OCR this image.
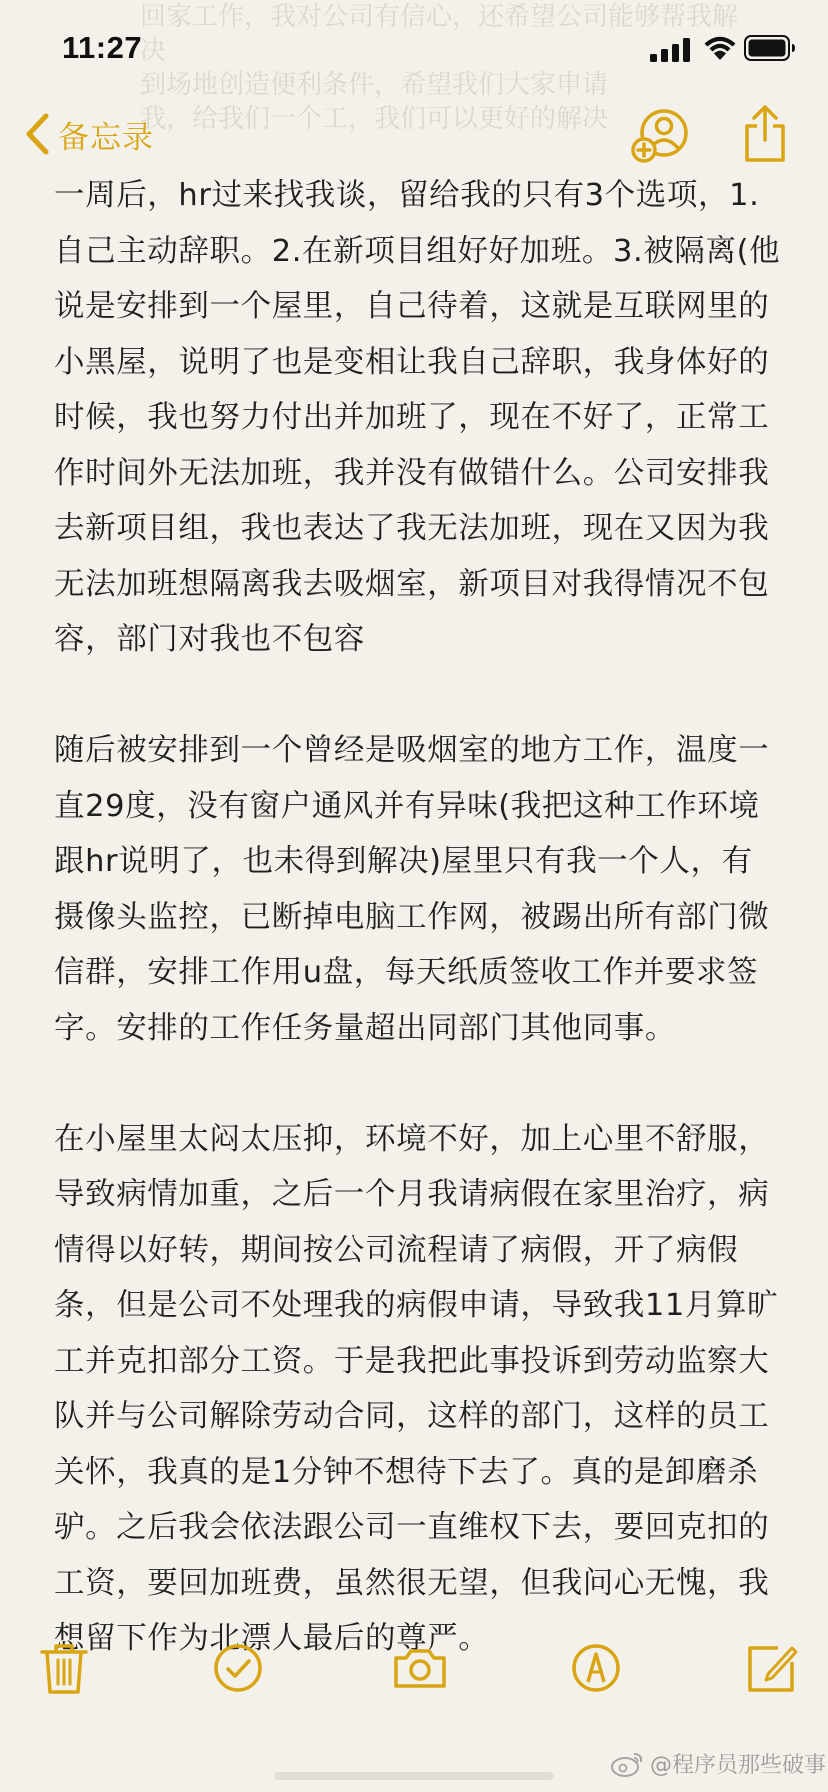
11:27
回家工作，我对公司有信心，还希望公司能够帮我解决
到场地创造便利条件，希望我们大家申请
我，给我们一个工，我们可以更好的解决
备忘录

一周后，hr过来找我谈，留给我的只有3个选项，1.自己主动辞职。2.在新项目组好好加班。3.被隔离(他说是安排到一个屋里，自己待着，这就是互联网里的小黑屋，说明了也是变相让我自己辞职，我身体好的时候，我也努力付出并加班了，现在不好了，正常工作时间外无法加班，我并没有做错什么。公司安排我去新项目组，我也表达了我无法加班，现在又因为我无法加班想隔离我去吸烟室，新项目对我得情况不包容，部门对我也不包容

随后被安排到一个曾经是吸烟室的地方工作，温度一直29度，没有窗户通风并有异味(我把这种工作环境跟hr说明了，也未得到解决)屋里只有我一个人，有摄像头监控，已断掉电脑工作网，被踢出所有部门微信群，安排工作用u盘，每天纸质签收工作并要求签字。安排的工作任务量超出同部门其他同事。

在小屋里太闷太压抑，环境不好，加上心里不舒服，导致病情加重，之后一个月我请病假在家里治疗，病情得以好转，期间按公司流程请了病假，开了病假条，但是公司不处理我的病假申请，导致我11月算旷工并克扣部分工资。于是我把此事投诉到劳动监察大队并与公司解除劳动合同，这样的部门，这样的员工关怀，我真的是1分钟不想待下去了。真的是卸磨杀驴。之后我会依法跟公司一直维权下去，要回克扣的工资，要回加班费，虽然很无望，但我问心无愧，我想留下作为北漂人最后的尊严。

@程序员那些破事
